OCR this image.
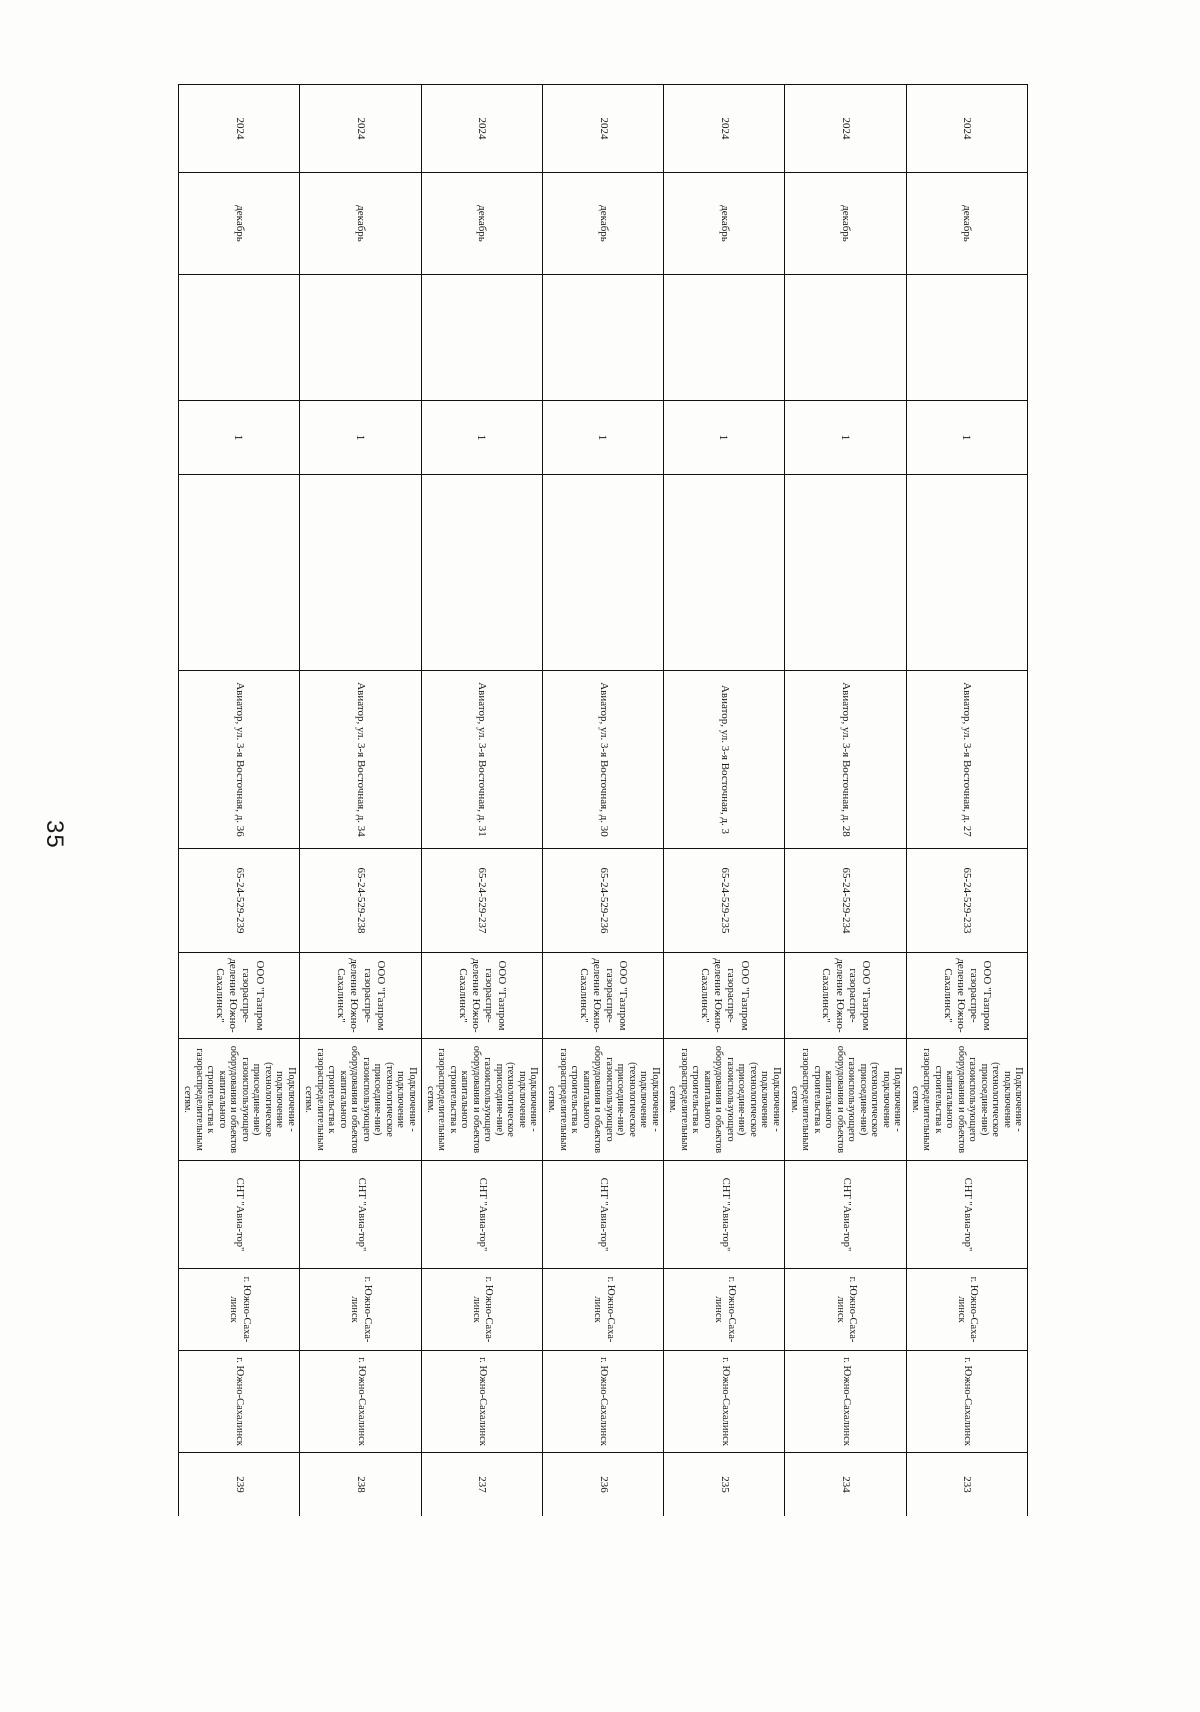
35
2024	декабрь		1		Авиатор, ул. 3-я Восточная, д. 27	65-24-529-233	ООО "Газпром газораспре-деление Южно-Сахалинск"	Подключение - подключение (технологическое присоедине-ние) газоиспользующего оборудования и объектов капитального строительства к газораспределительным сетям.	СНТ "Авиа-тор"	г. Южно-Саха-линск	г. Южно-Сахалинск	233
2024	декабрь		1		Авиатор, ул. 3-я Восточная, д. 28	65-24-529-234	ООО "Газпром газораспре-деление Южно-Сахалинск"	Подключение - подключение (технологическое присоедине-ние) газоиспользующего оборудования и объектов капитального строительства к газораспределительным сетям.	СНТ "Авиа-тор"	г. Южно-Саха-линск	г. Южно-Сахалинск	234
2024	декабрь		1		Авиатор, ул. 3-я Восточная, д. 3	65-24-529-235	ООО "Газпром газораспре-деление Южно-Сахалинск"	Подключение - подключение (технологическое присоедине-ние) газоиспользующего оборудования и объектов капитального строительства к газораспределительным сетям.	СНТ "Авиа-тор"	г. Южно-Саха-линск	г. Южно-Сахалинск	235
2024	декабрь		1		Авиатор, ул. 3-я Восточная, д. 30	65-24-529-236	ООО "Газпром газораспре-деление Южно-Сахалинск"	Подключение - подключение (технологическое присоедине-ние) газоиспользующего оборудования и объектов капитального строительства к газораспределительным сетям.	СНТ "Авиа-тор"	г. Южно-Саха-линск	г. Южно-Сахалинск	236
2024	декабрь		1		Авиатор, ул. 3-я Восточная, д. 31	65-24-529-237	ООО "Газпром газораспре-деление Южно-Сахалинск"	Подключение - подключение (технологическое присоедине-ние) газоиспользующего оборудования и объектов капитального строительства к газораспределительным сетям.	СНТ "Авиа-тор"	г. Южно-Саха-линск	г. Южно-Сахалинск	237
2024	декабрь		1		Авиатор, ул. 3-я Восточная, д. 34	65-24-529-238	ООО "Газпром газораспре-деление Южно-Сахалинск"	Подключение - подключение (технологическое присоедине-ние) газоиспользующего оборудования и объектов капитального строительства к газораспределительным сетям.	СНТ "Авиа-тор"	г. Южно-Саха-линск	г. Южно-Сахалинск	238
2024	декабрь		1		Авиатор, ул. 3-я Восточная, д. 36	65-24-529-239	ООО "Газпром газораспре-деление Южно-Сахалинск"	Подключение - подключение (технологическое присоедине-ние) газоиспользующего оборудования и объектов капитального строительства к газораспределительным сетям.	СНТ "Авиа-тор"	г. Южно-Саха-линск	г. Южно-Сахалинск	239
